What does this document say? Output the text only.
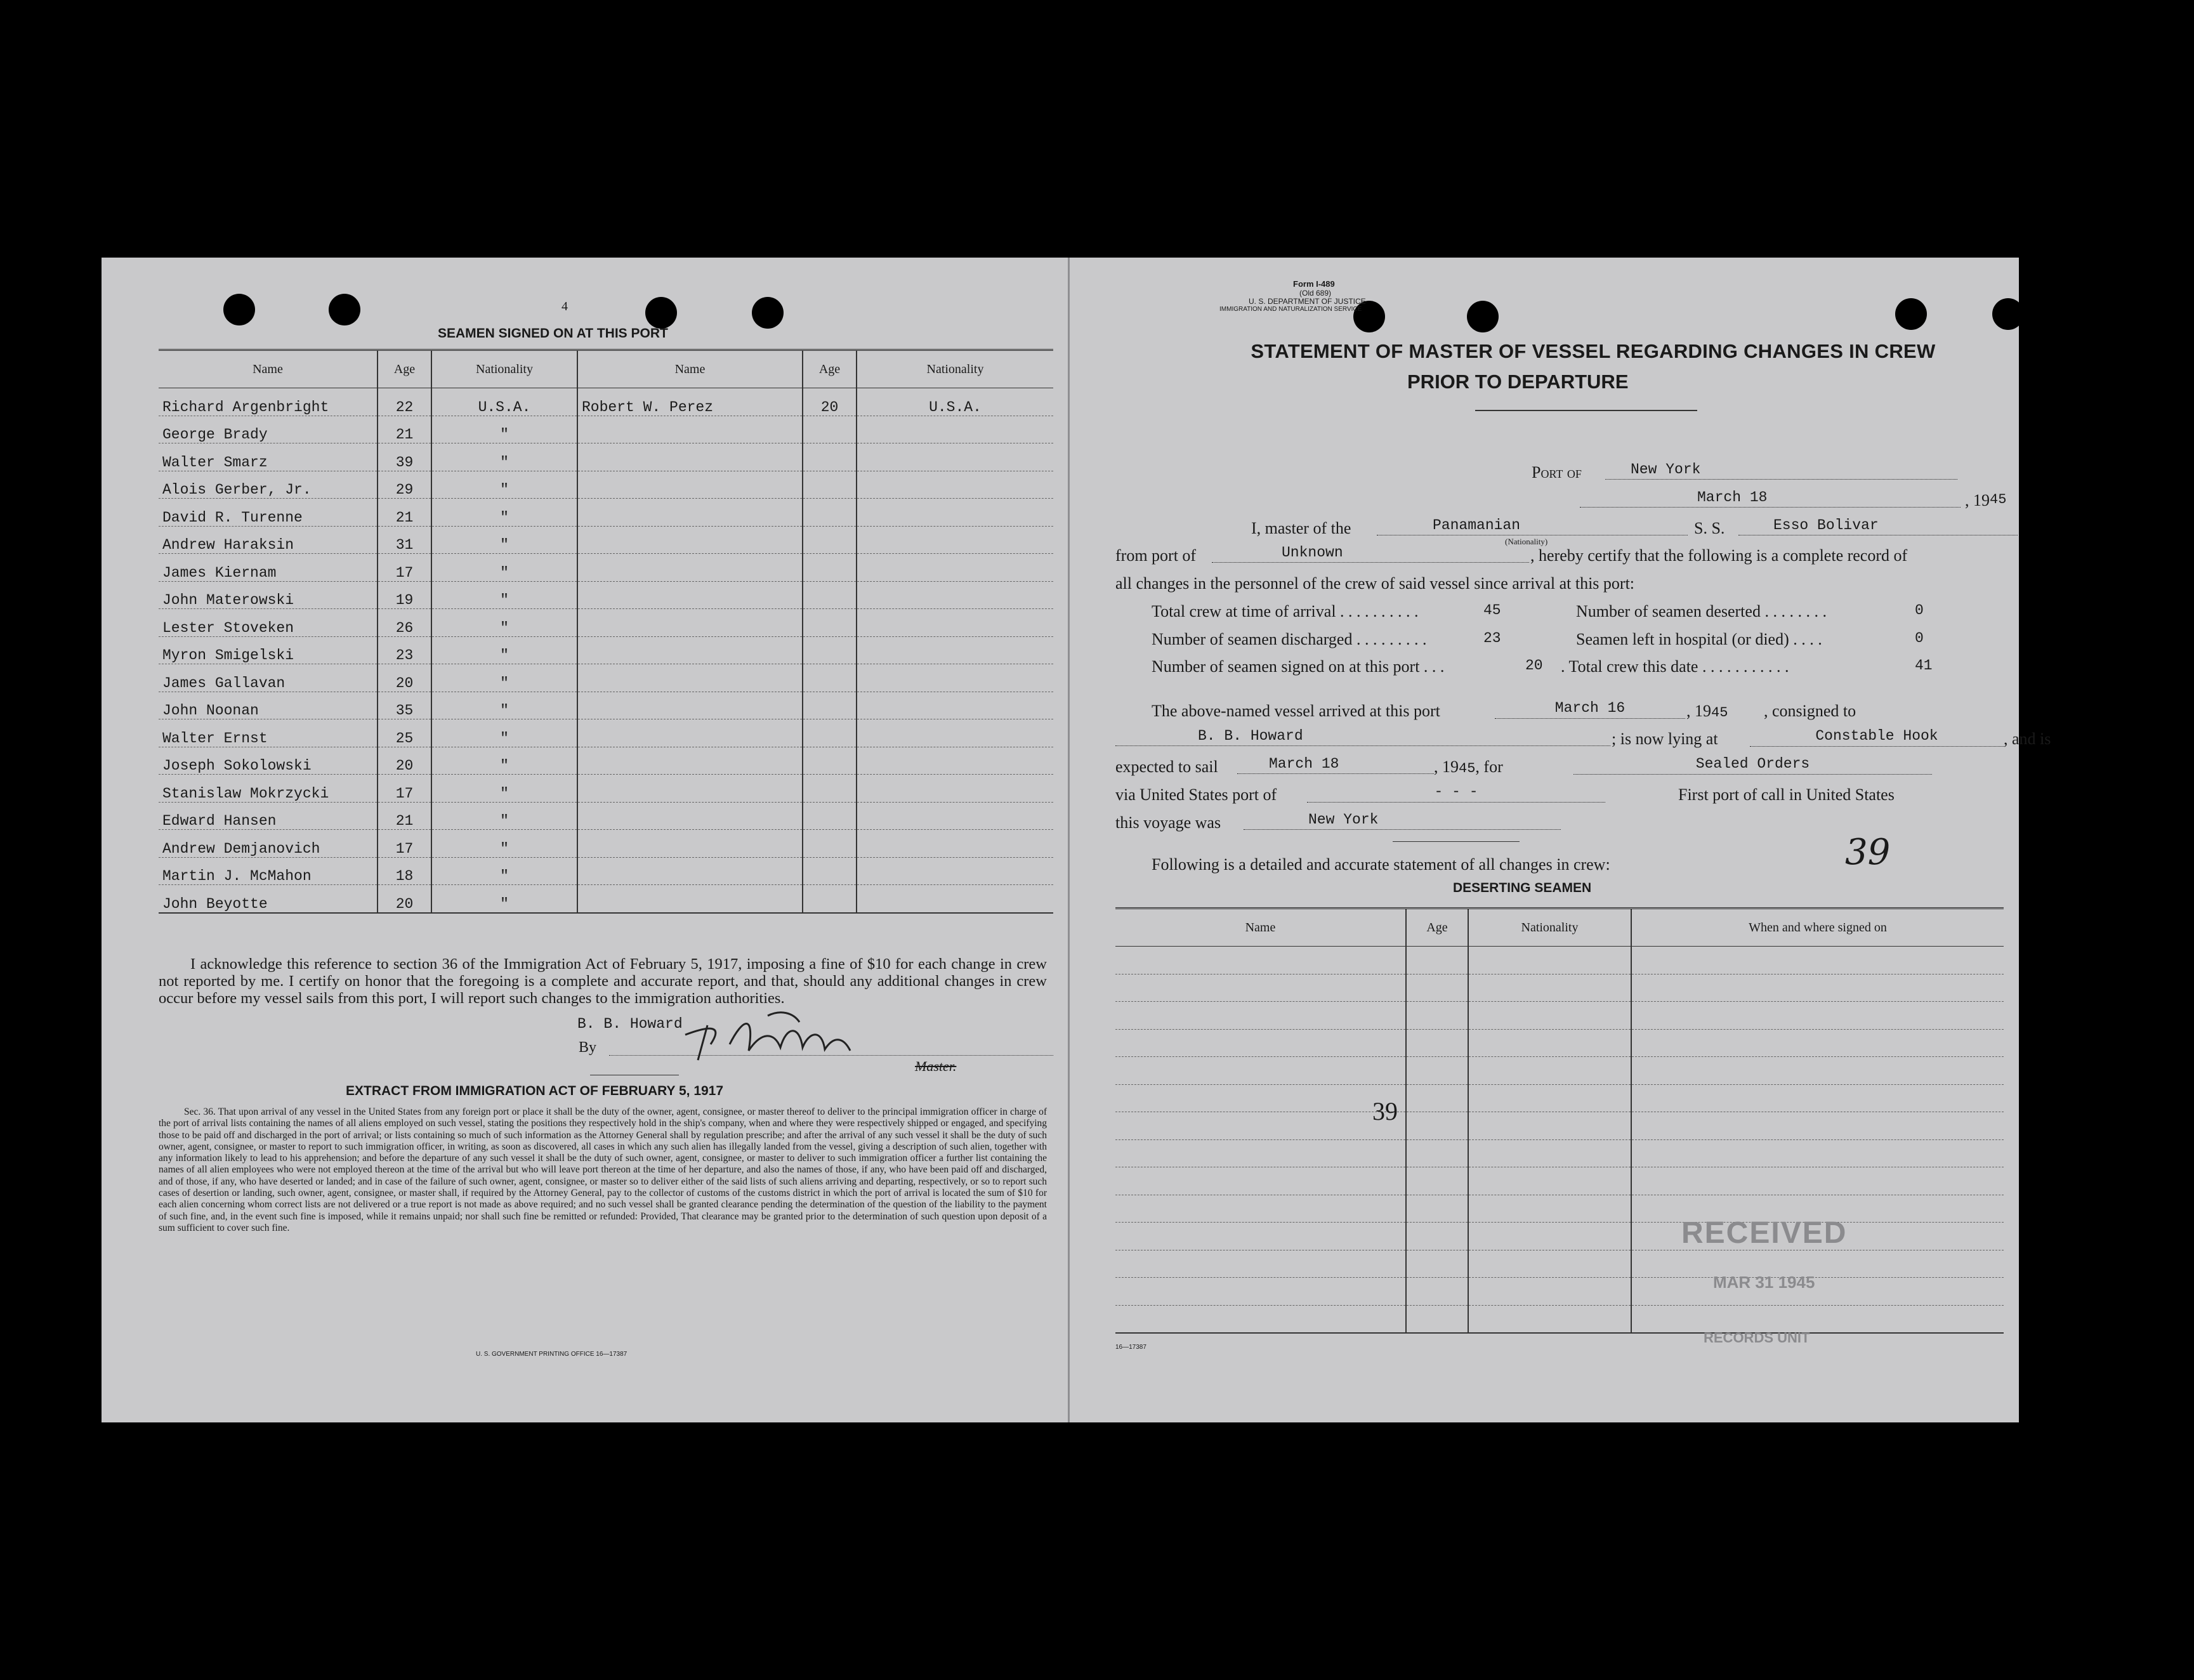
4
SEAMEN SIGNED ON AT THIS PORT
Name	Age	Nationality	Name	Age	Nationality
Richard Argenbright	22	U.S.A.	Robert W. Perez	20	U.S.A.
George Brady	21	"			
Walter Smarz	39	"			
Alois Gerber, Jr.	29	"			
David R. Turenne	21	"			
Andrew Haraksin	31	"			
James Kiernam	17	"			
John Materowski	19	"			
Lester Stoveken	26	"			
Myron Smigelski	23	"			
James Gallavan	20	"			
John Noonan	35	"			
Walter Ernst	25	"			
Joseph Sokolowski	20	"			
Stanislaw Mokrzycki	17	"			
Edward Hansen	21	"			
Andrew Demjanovich	17	"			
Martin J. McMahon	18	"			
John Beyotte	20	"			
I acknowledge this reference to section 36 of the Immigration Act of February 5, 1917, imposing a fine of $10 for each change in crew not reported by me. I certify on honor that the foregoing is a complete and accurate report, and that, should any additional changes in crew occur before my vessel sails from this port, I will report such changes to the immigration authorities.
B. B. Howard
By
Master.
EXTRACT FROM IMMIGRATION ACT OF FEBRUARY 5, 1917
Sec. 36. That upon arrival of any vessel in the United States from any foreign port or place it shall be the duty of the owner, agent, consignee, or master thereof to deliver to the principal immigration officer in charge of the port of arrival lists containing the names of all aliens employed on such vessel, stating the positions they respectively hold in the ship's company, when and where they were respectively shipped or engaged, and specifying those to be paid off and discharged in the port of arrival; or lists containing so much of such information as the Attorney General shall by regulation prescribe; and after the arrival of any such vessel it shall be the duty of such owner, agent, consignee, or master to report to such immigration officer, in writing, as soon as discovered, all cases in which any such alien has illegally landed from the vessel, giving a description of such alien, together with any information likely to lead to his apprehension; and before the departure of any such vessel it shall be the duty of such owner, agent, consignee, or master to deliver to such immigration officer a further list containing the names of all alien employees who were not employed thereon at the time of the arrival but who will leave port thereon at the time of her departure, and also the names of those, if any, who have been paid off and discharged, and of those, if any, who have deserted or landed; and in case of the failure of such owner, agent, consignee, or master so to deliver either of the said lists of such aliens arriving and departing, respectively, or so to report such cases of desertion or landing, such owner, agent, consignee, or master shall, if required by the Attorney General, pay to the collector of customs of the customs district in which the port of arrival is located the sum of $10 for each alien concerning whom correct lists are not delivered or a true report is not made as above required; and no such vessel shall be granted clearance pending the determination of the question of the liability to the payment of such fine, and, in the event such fine is imposed, while it remains unpaid; nor shall such fine be remitted or refunded: Provided, That clearance may be granted prior to the determination of such question upon deposit of a sum sufficient to cover such fine.
U. S. GOVERNMENT PRINTING OFFICE 16—17387
Form I-489
(Old 689)
U. S. DEPARTMENT OF JUSTICE
IMMIGRATION AND NATURALIZATION SERVICE
STATEMENT OF MASTER OF VESSEL REGARDING CHANGES IN CREW
PRIOR TO DEPARTURE
​
Port of	New York
March 18	, 1945
I, master of the	Panamanian
(Nationality)
S. S.	Esso Bolivar
from port of	Unknown	, hereby certify that the following is a complete record of
all changes in the personnel of the crew of said vessel since arrival at this port:
Total crew at time of arrival . . . . . . . . . .	45	Number of seamen deserted . . . . . . . .	0
Number of seamen discharged . . . . . . . . .	23	Seamen left in hospital (or died) . . . .	0
Number of seamen signed on at this port . . .	20 . Total crew this date . . . . . . . . . . .	41
The above-named vessel arrived at this port	March 16	, 1945 , consigned to
B. B. Howard	; is now lying at	Constable Hook	, and is
expected to sail	March 18	, 1945, for	Sealed Orders
via United States port of	- - -	First port of call in United States
this voyage was	New York
Following is a detailed and accurate statement of all changes in crew:	39
DESERTING SEAMEN
Name	Age	Nationality	When and where signed on

39
RECEIVED
MAR 31 1945
RECORDS UNIT
16—17387
